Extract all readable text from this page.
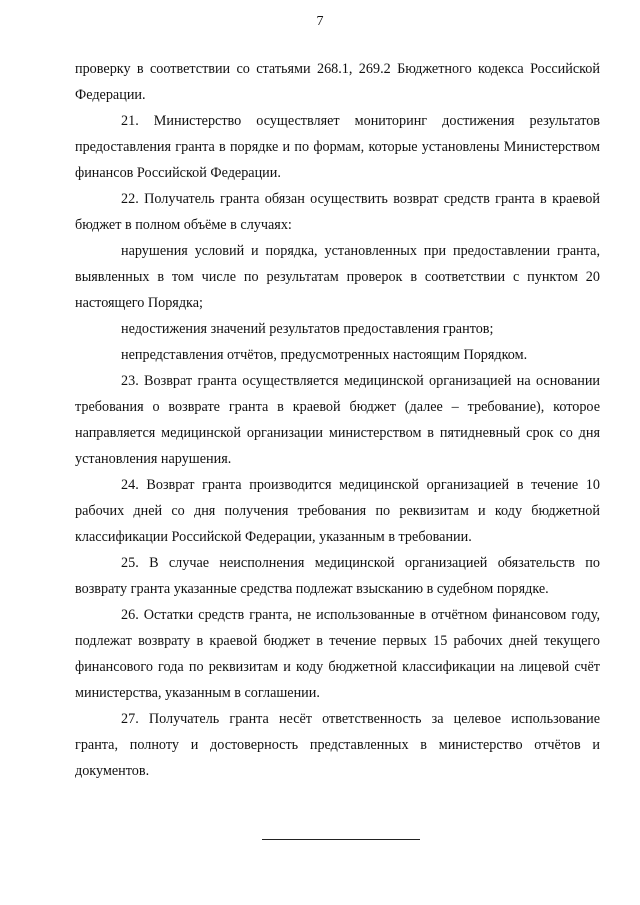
7

проверку в соответствии со статьями 268.1, 269.2 Бюджетного кодекса Российской Федерации.

21. Министерство осуществляет мониторинг достижения результатов предоставления гранта в порядке и по формам, которые установлены Министерством финансов Российской Федерации.

22. Получатель гранта обязан осуществить возврат средств гранта в краевой бюджет в полном объёме в случаях:

нарушения условий и порядка, установленных при предоставлении гранта, выявленных в том числе по результатам проверок в соответствии с пунктом 20 настоящего Порядка;

недостижения значений результатов предоставления грантов;

непредставления отчётов, предусмотренных настоящим Порядком.

23. Возврат гранта осуществляется медицинской организацией на основании требования о возврате гранта в краевой бюджет (далее – требование), которое направляется медицинской организации министерством в пятидневный срок со дня установления нарушения.

24. Возврат гранта производится медицинской организацией в течение 10 рабочих дней со дня получения требования по реквизитам и коду бюджетной классификации Российской Федерации, указанным в требовании.

25. В случае неисполнения медицинской организацией обязательств по возврату гранта указанные средства подлежат взысканию в судебном порядке.

26. Остатки средств гранта, не использованные в отчётном финансовом году, подлежат возврату в краевой бюджет в течение первых 15 рабочих дней текущего финансового года по реквизитам и коду бюджетной классификации на лицевой счёт министерства, указанным в соглашении.

27. Получатель гранта несёт ответственность за целевое использование гранта, полноту и достоверность представленных в министерство отчётов и документов.
